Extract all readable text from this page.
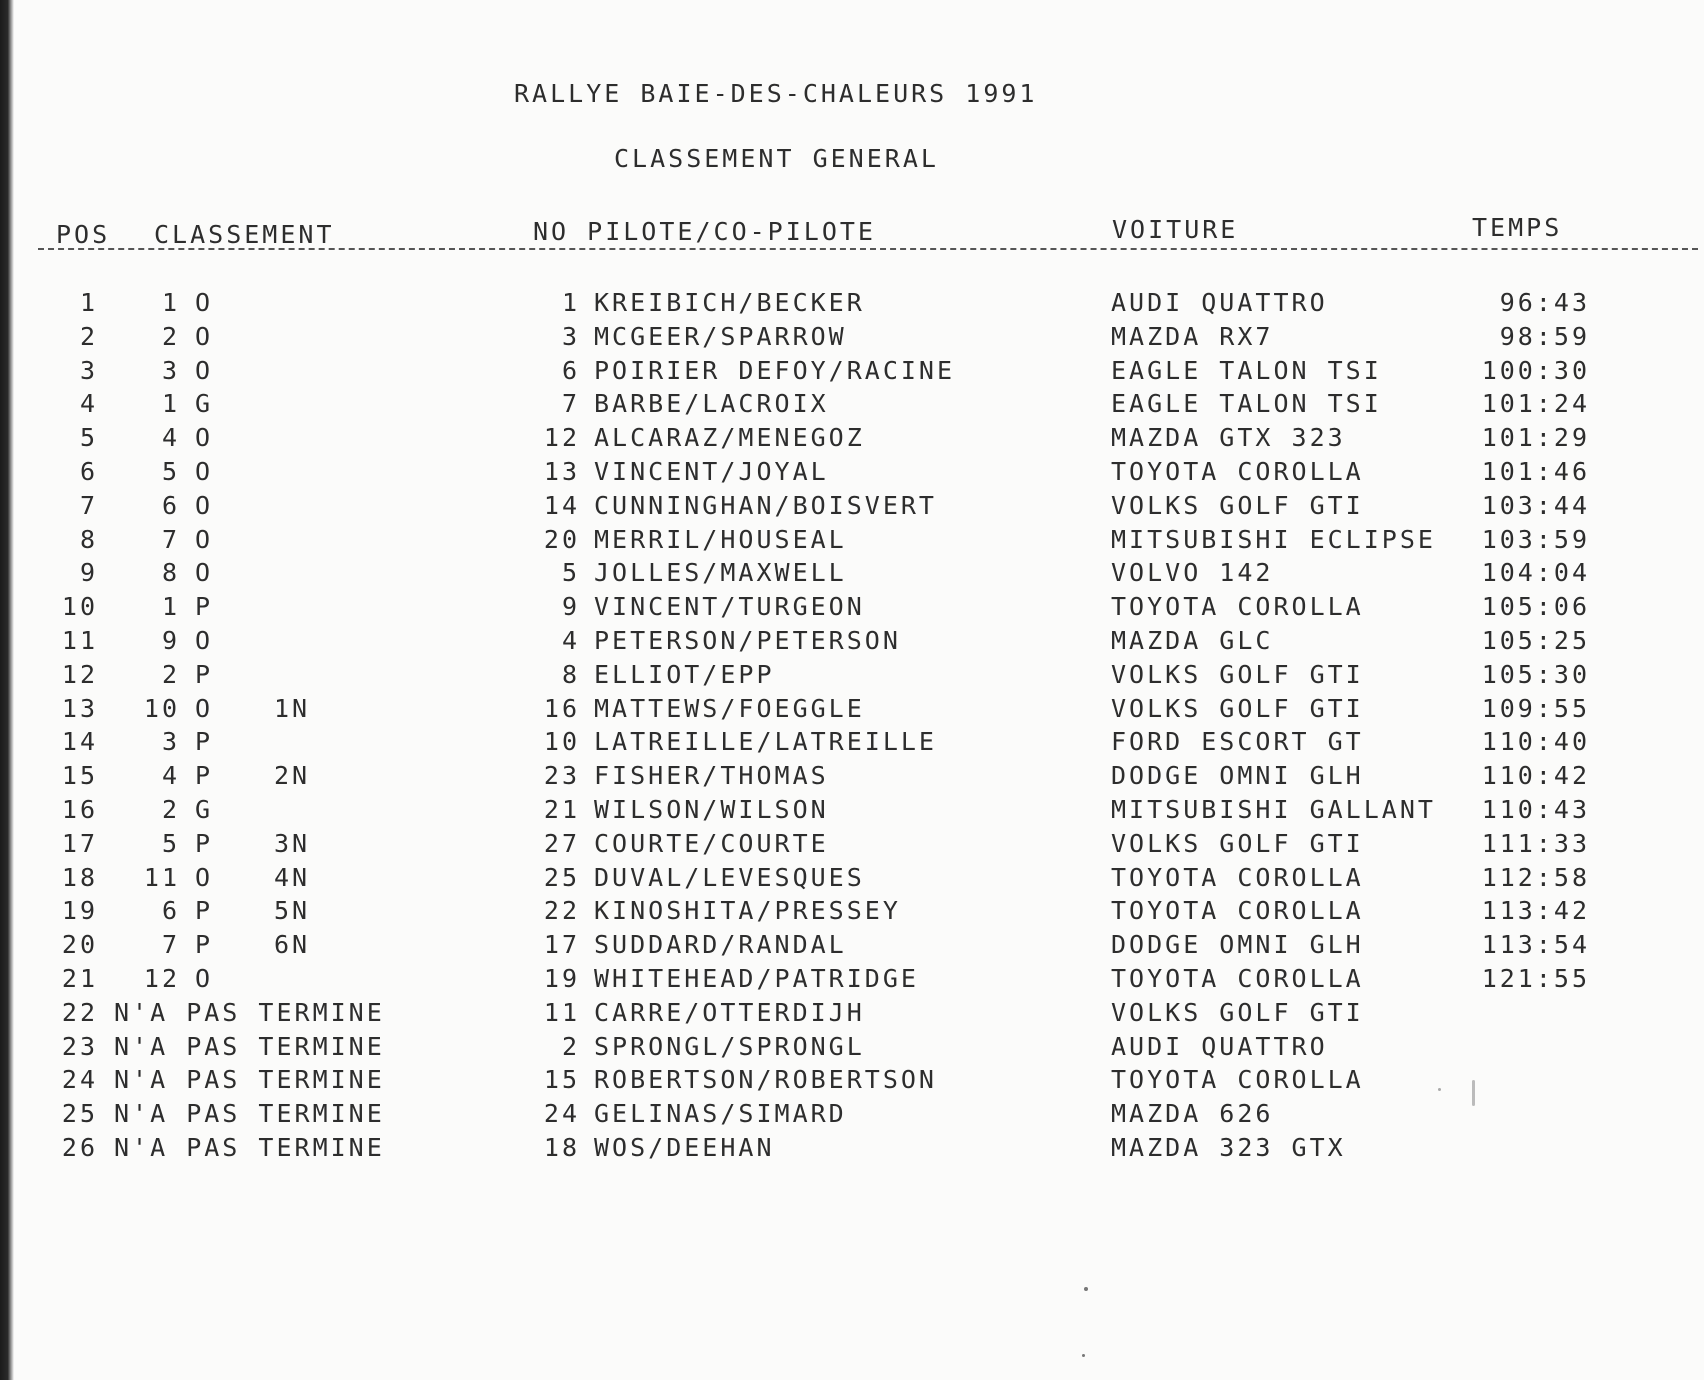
RALLYE BAIE-DES-CHALEURS 1991
CLASSEMENT GENERAL
POS CLASSEMENT	NO PILOTE/CO-PILOTE	VOITURE	TEMPS
1	1 O	1 KREIBICH/BECKER	AUDI QUATTRO	96:43
2	2 O	3 MCGEER/SPARROW	MAZDA RX7	98:59
3	3 O	6 POIRIER DEFOY/RACINE	EAGLE TALON TSI	100:30
4	1 G	7 BARBE/LACROIX	EAGLE TALON TSI	101:24
5	4 O	12 ALCARAZ/MENEGOZ	MAZDA GTX 323	101:29
6	5 O	13 VINCENT/JOYAL	TOYOTA COROLLA	101:46
7	6 O	14 CUNNINGHAN/BOISVERT	VOLKS GOLF GTI	103:44
8	7 O	20 MERRIL/HOUSEAL	MITSUBISHI ECLIPSE	103:59
9	8 O	5 JOLLES/MAXWELL	VOLVO 142	104:04
10	1 P	9 VINCENT/TURGEON	TOYOTA COROLLA	105:06
11	9 O	4 PETERSON/PETERSON	MAZDA GLC	105:25
12	2 P	8 ELLIOT/EPP	VOLKS GOLF GTI	105:30
13	10 O 1N	16 MATTEWS/FOEGGLE	VOLKS GOLF GTI	109:55
14	3 P	10 LATREILLE/LATREILLE	FORD ESCORT GT	110:40
15	4 P 2N	23 FISHER/THOMAS	DODGE OMNI GLH	110:42
16	2 G	21 WILSON/WILSON	MITSUBISHI GALLANT	110:43
17	5 P 3N	27 COURTE/COURTE	VOLKS GOLF GTI	111:33
18	11 O 4N	25 DUVAL/LEVESQUES	TOYOTA COROLLA	112:58
19	6 P 5N	22 KINOSHITA/PRESSEY	TOYOTA COROLLA	113:42
20	7 P 6N	17 SUDDARD/RANDAL	DODGE OMNI GLH	113:54
21	12 O	19 WHITEHEAD/PATRIDGE	TOYOTA COROLLA	121:55
22 N'A PAS TERMINE	11 CARRE/OTTERDIJH	VOLKS GOLF GTI
23 N'A PAS TERMINE	2 SPRONGL/SPRONGL	AUDI QUATTRO
24 N'A PAS TERMINE	15 ROBERTSON/ROBERTSON	TOYOTA COROLLA
25 N'A PAS TERMINE	24 GELINAS/SIMARD	MAZDA 626
26 N'A PAS TERMINE	18 WOS/DEEHAN	MAZDA 323 GTX
